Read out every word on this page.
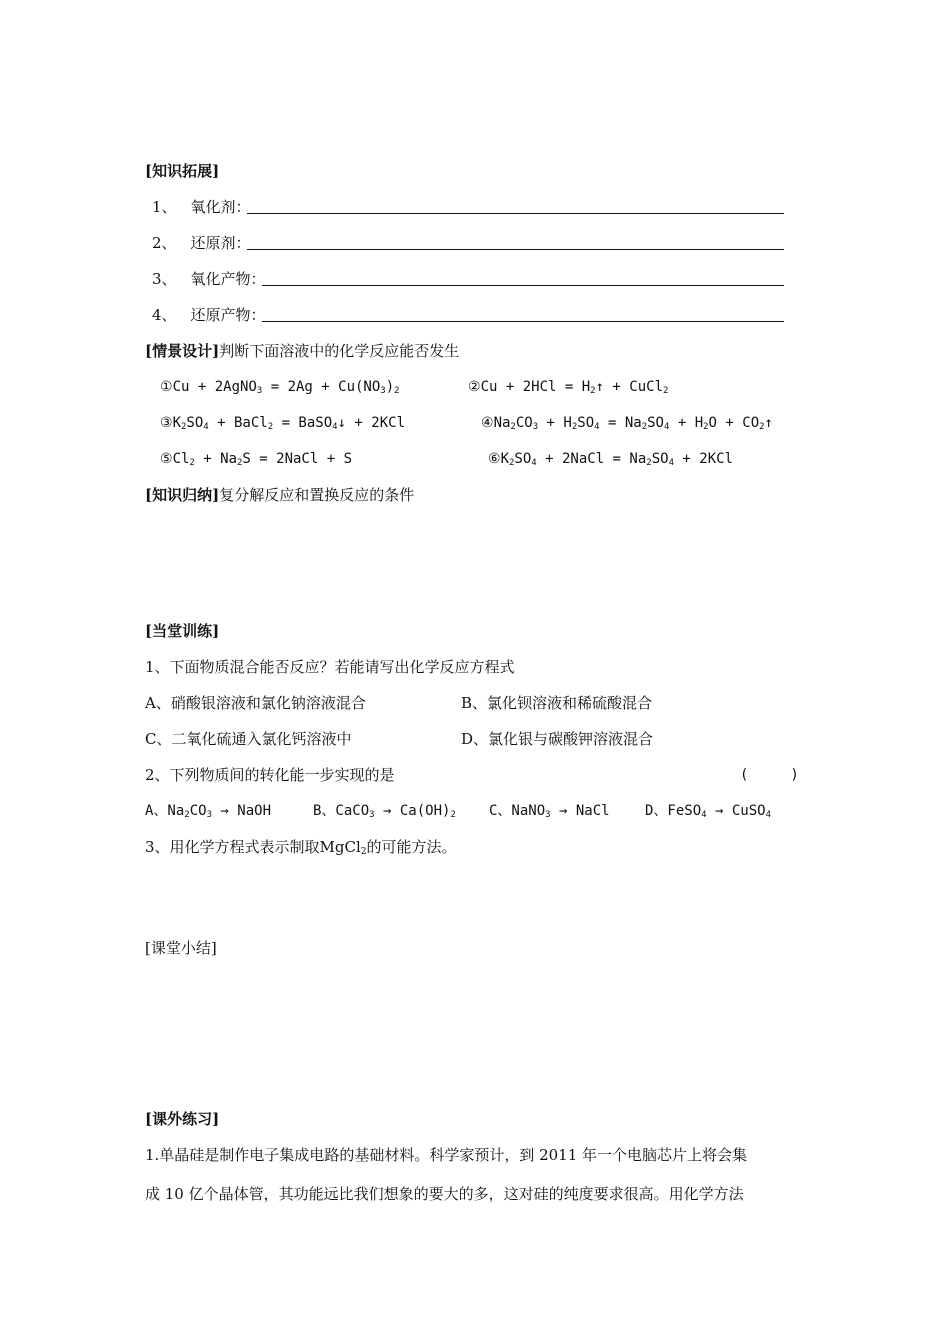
[知识拓展]
1、 氧化剂：
2、 还原剂：
3、 氧化产物：
4、 还原产物：
[情景设计]判断下面溶液中的化学反应能否发生
①Cu + 2AgNO$_3$ = $2Ag + Cu(NO_3)_2$	②Cu + $2HCl = H_2↑$ + CuCl$_2$
$③K_2SO_4$ + BaCl$_2$ = BaSO$_4$↓ + 2KCl	$④Na_2CO_3 + H_2SO_4 = Na_2SO_4 + H_2O$ + $CO_2↑$
$⑤Cl_2 + Na_2S$ = 2NaCl + S	$⑥K_2SO_4$ + 2NaCl = $Na_2SO_4 + 2KCl$
[知识归纳]复分解反应和置换反应的条件
[当堂训练]
1、下面物质混合能否反应？若能请写出化学反应方程式
A、硝酸银溶液和氯化钠溶液混合	B、氯化钡溶液和稀硫酸混合
C、二氧化硫通入氯化钙溶液中	D、氯化银与碳酸钾溶液混合
2、下列物质间的转化能一步实现的是	(　　　)
A、$Na_2CO_3$ → NaOH	B、CaCO$_3$ → $Ca(OH)_2$ C、NaNO$_3$ → NaCl	D、FeSO$_4$ → CuSO$_4$
3、用化学方程式表示制取MgCl$_2$的可能方法。
[课堂小结]
[课外练习]
1.单晶硅是制作电子集成电路的基础材料。科学家预计，到 2011 年一个电脑芯片上将会集
成 10 亿个晶体管，其功能远比我们想象的要大的多，这对硅的纯度要求很高。用化学方法
